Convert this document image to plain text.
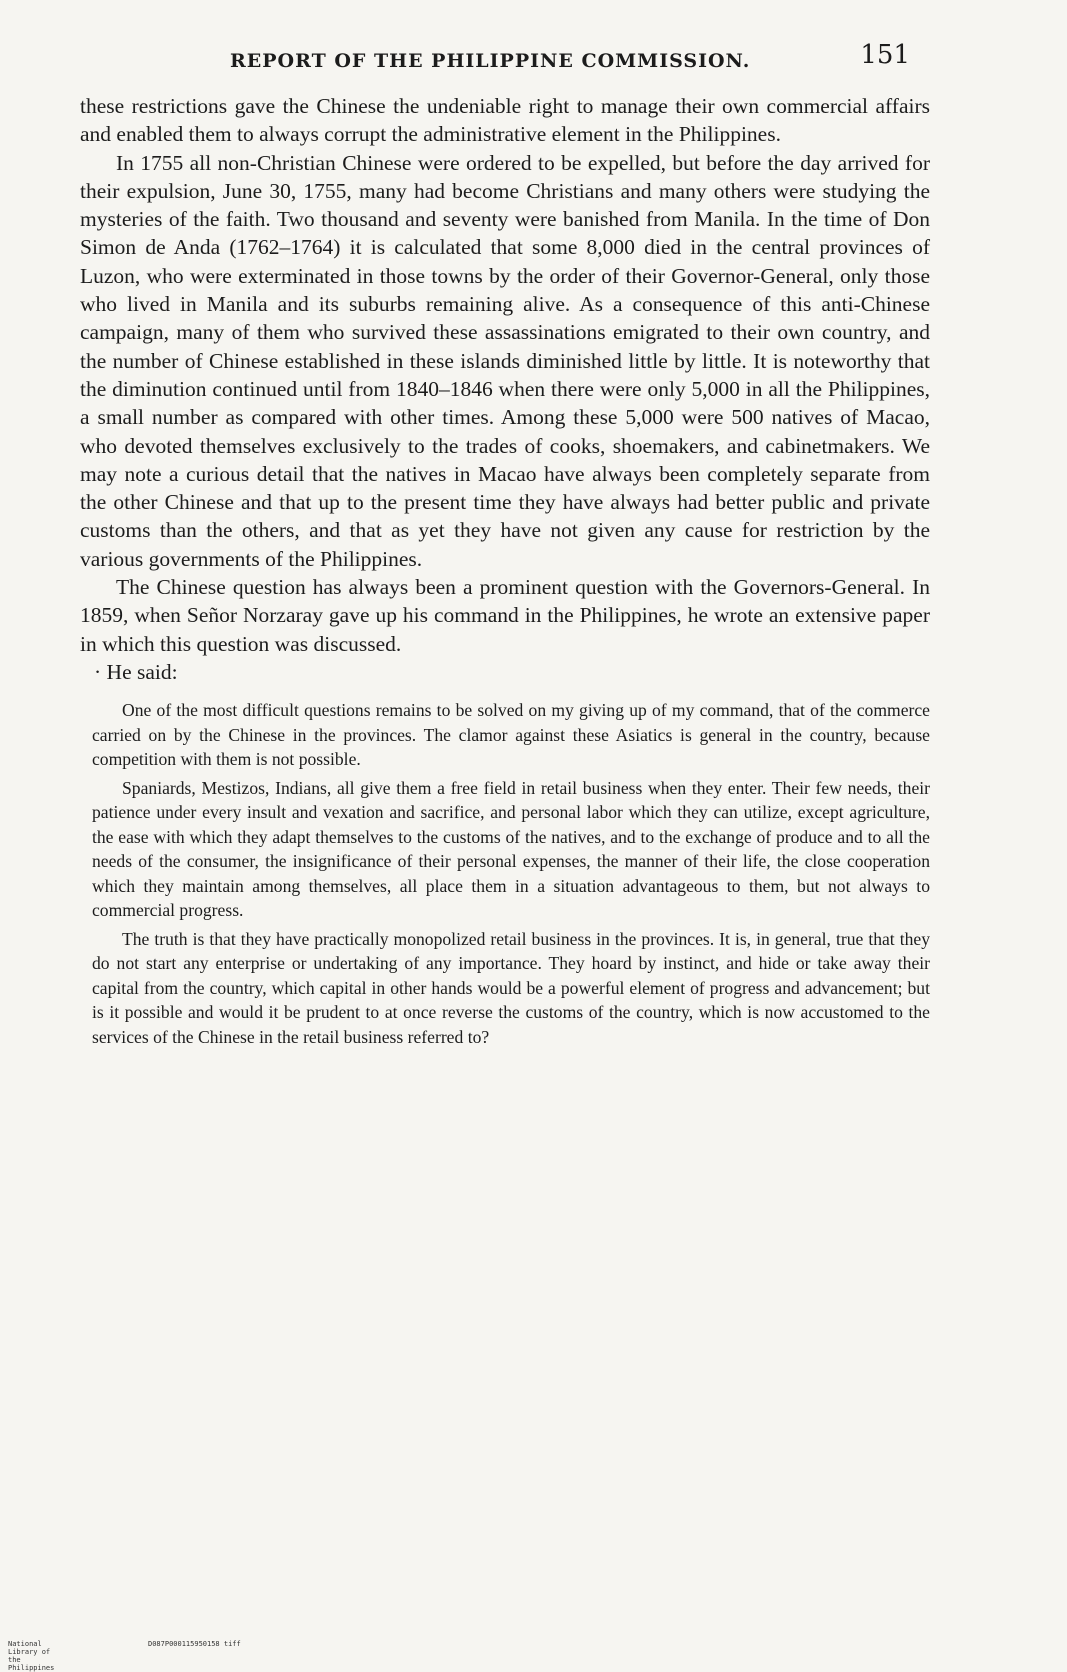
REPORT OF THE PHILIPPINE COMMISSION.	151

these restrictions gave the Chinese the undeniable right to manage their own commercial affairs and enabled them to always corrupt the administrative element in the Philippines.

In 1755 all non-Christian Chinese were ordered to be expelled, but before the day arrived for their expulsion, June 30, 1755, many had become Christians and many others were studying the mysteries of the faith. Two thousand and seventy were banished from Manila. In the time of Don Simon de Anda (1762–1764) it is calculated that some 8,000 died in the central provinces of Luzon, who were exterminated in those towns by the order of their Governor-General, only those who lived in Manila and its suburbs remaining alive. As a consequence of this anti-Chinese campaign, many of them who survived these assassinations emigrated to their own country, and the number of Chinese established in these islands diminished little by little. It is noteworthy that the diminution continued until from 1840–1846 when there were only 5,000 in all the Philippines, a small number as compared with other times. Among these 5,000 were 500 natives of Macao, who devoted themselves exclusively to the trades of cooks, shoemakers, and cabinetmakers. We may note a curious detail that the natives in Macao have always been completely separate from the other Chinese and that up to the present time they have always had better public and private customs than the others, and that as yet they have not given any cause for restriction by the various governments of the Philippines.

The Chinese question has always been a prominent question with the Governors-General. In 1859, when Señor Norzaray gave up his command in the Philippines, he wrote an extensive paper in which this question was discussed.

· He said:

One of the most difficult questions remains to be solved on my giving up of my command, that of the commerce carried on by the Chinese in the provinces. The clamor against these Asiatics is general in the country, because competition with them is not possible.

Spaniards, Mestizos, Indians, all give them a free field in retail business when they enter. Their few needs, their patience under every insult and vexation and sacrifice, and personal labor which they can utilize, except agriculture, the ease with which they adapt themselves to the customs of the natives, and to the exchange of produce and to all the needs of the consumer, the insignificance of their personal expenses, the manner of their life, the close cooperation which they maintain among themselves, all place them in a situation advantageous to them, but not always to commercial progress.

The truth is that they have practically monopolized retail business in the provinces. It is, in general, true that they do not start any enterprise or undertaking of any importance. They hoard by instinct, and hide or take away their capital from the country, which capital in other hands would be a powerful element of progress and advancement; but is it possible and would it be prudent to at once reverse the customs of the country, which is now accustomed to the services of the Chinese in the retail business referred to?

National Library of the Philippines
D087P000115950158 tiff
